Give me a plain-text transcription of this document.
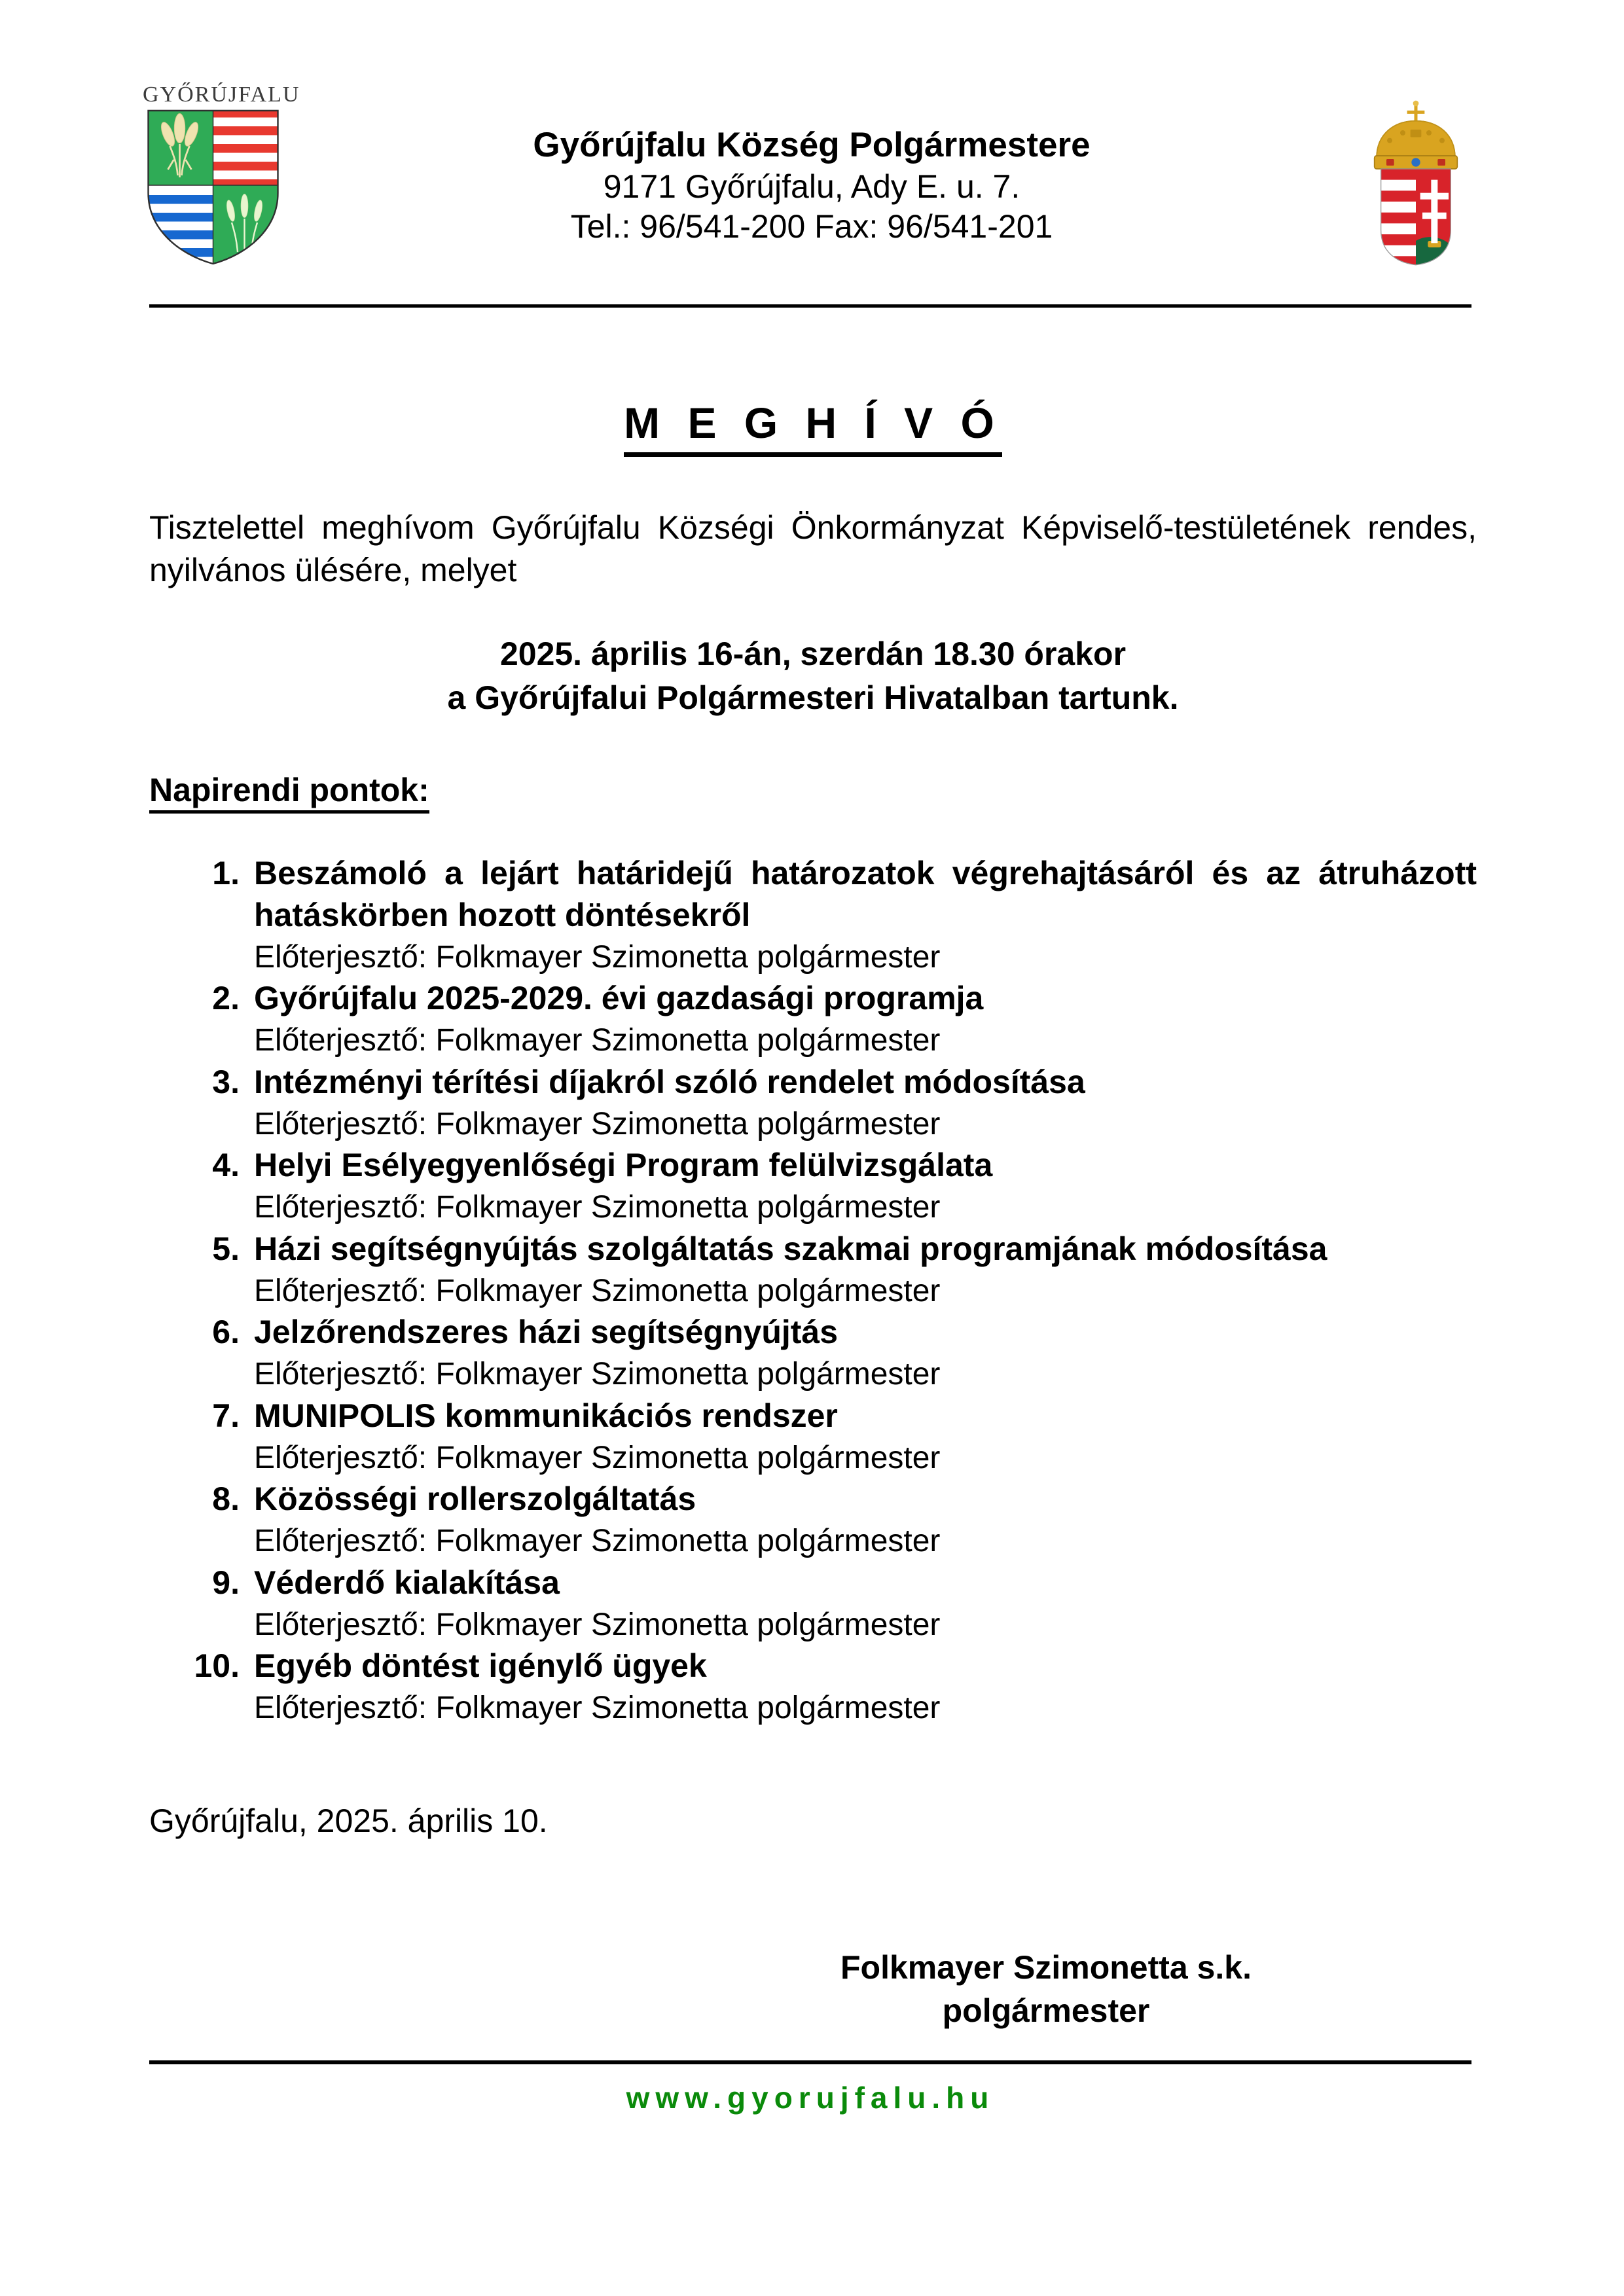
GYŐRÚJFALU
Győrújfalu Község Polgármestere
9171 Győrújfalu, Ady E. u. 7.
Tel.: 96/541-200 Fax: 96/541-201
M E G H Í V Ó
Tisztelettel meghívom Győrújfalu Községi Önkormányzat Képviselő-testületének rendes, nyilvános ülésére, melyet
2025. április 16-án, szerdán 18.30 órakor
a Győrújfalui Polgármesteri Hivatalban tartunk.
Napirendi pontok:
1. Beszámoló a lejárt határidejű határozatok végrehajtásáról és az átruházott hatáskörben hozott döntésekről
Előterjesztő: Folkmayer Szimonetta polgármester
2. Győrújfalu 2025-2029. évi gazdasági programja
Előterjesztő: Folkmayer Szimonetta polgármester
3. Intézményi térítési díjakról szóló rendelet módosítása
Előterjesztő: Folkmayer Szimonetta polgármester
4. Helyi Esélyegyenlőségi Program felülvizsgálata
Előterjesztő: Folkmayer Szimonetta polgármester
5. Házi segítségnyújtás szolgáltatás szakmai programjának módosítása
Előterjesztő: Folkmayer Szimonetta polgármester
6. Jelzőrendszeres házi segítségnyújtás
Előterjesztő: Folkmayer Szimonetta polgármester
7. MUNIPOLIS kommunikációs rendszer
Előterjesztő: Folkmayer Szimonetta polgármester
8. Közösségi rollerszolgáltatás
Előterjesztő: Folkmayer Szimonetta polgármester
9. Véderdő kialakítása
Előterjesztő: Folkmayer Szimonetta polgármester
10. Egyéb döntést igénylő ügyek
Előterjesztő: Folkmayer Szimonetta polgármester
Győrújfalu, 2025. április 10.
Folkmayer Szimonetta s.k.
polgármester
www.gyorujfalu.hu
